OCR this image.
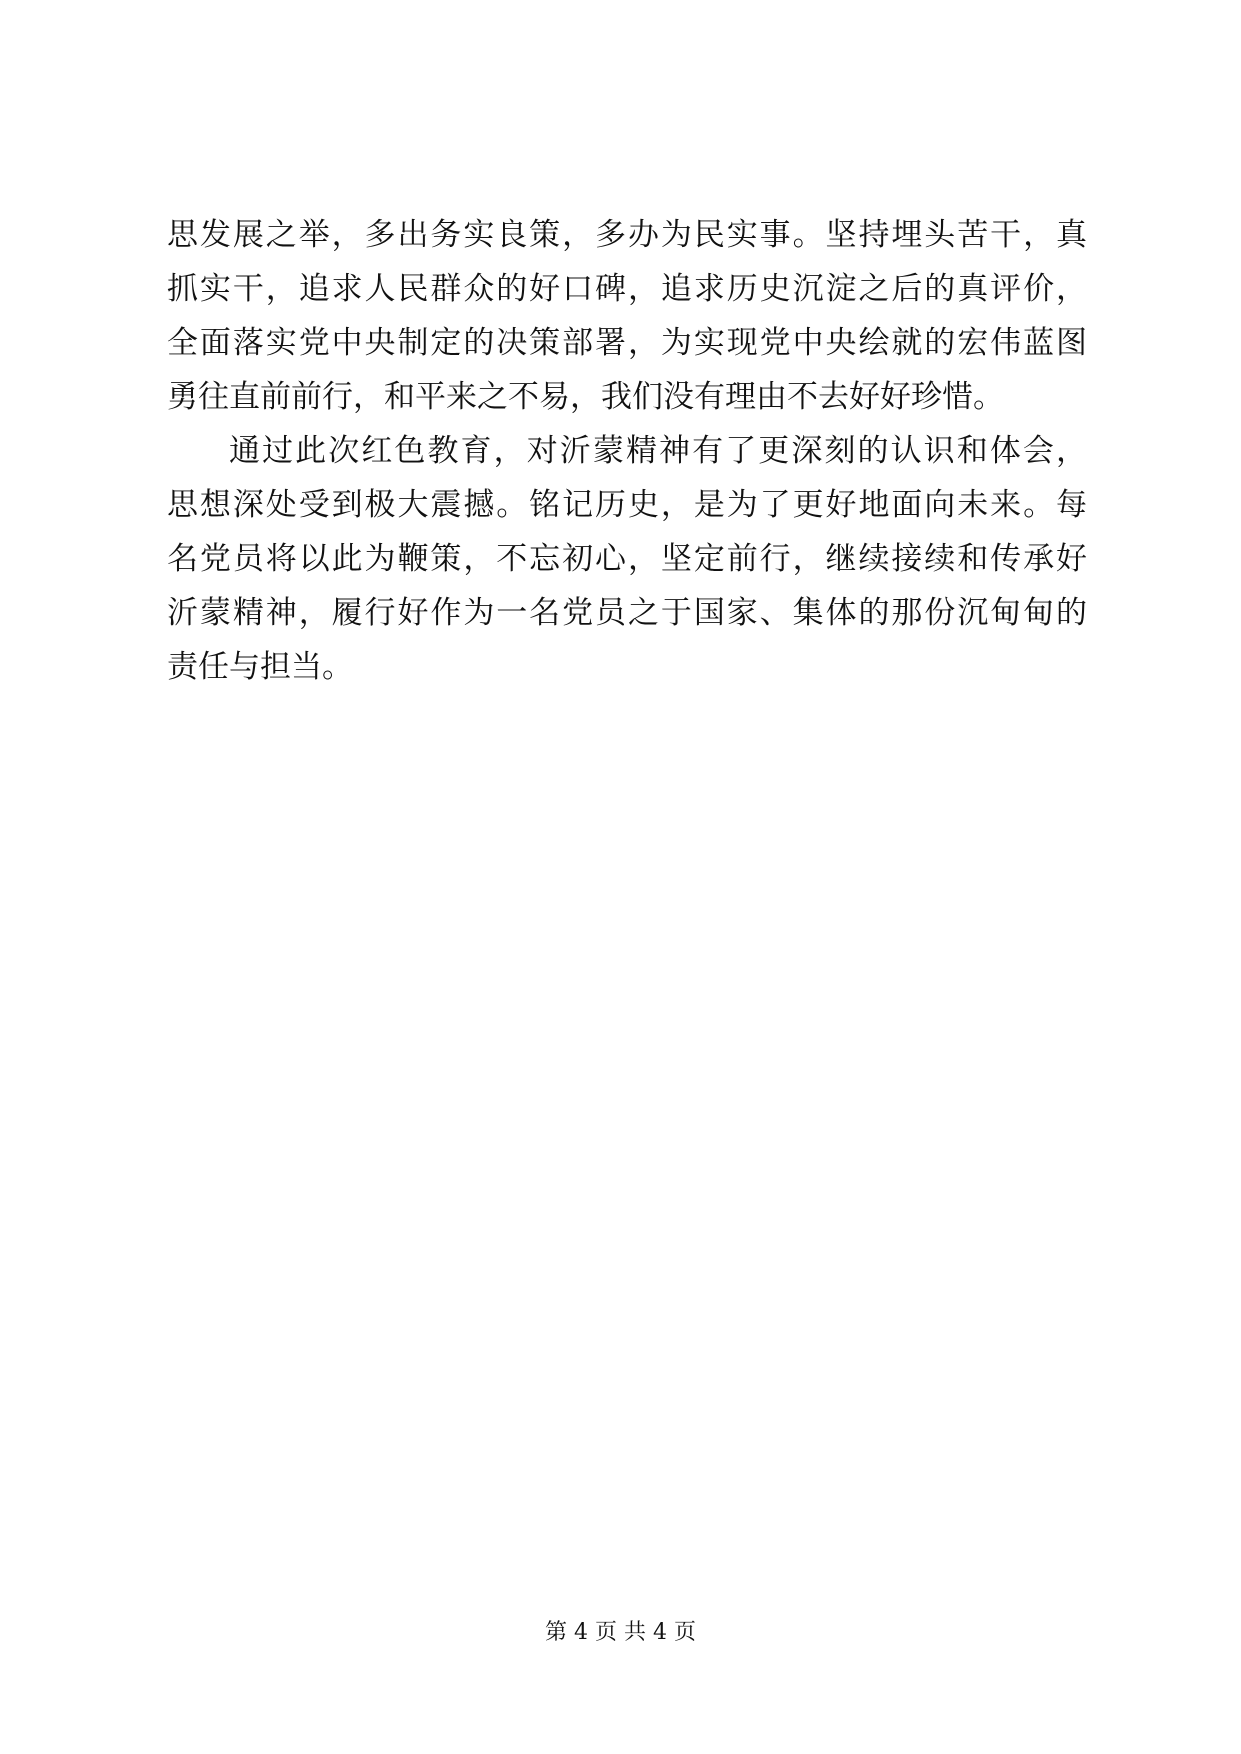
思发展之举，多出务实良策，多办为民实事。坚持埋头苦干，真
抓实干，追求人民群众的好口碑，追求历史沉淀之后的真评价，
全面落实党中央制定的决策部署，为实现党中央绘就的宏伟蓝图
勇往直前前行，和平来之不易，我们没有理由不去好好珍惜。
通过此次红色教育，对沂蒙精神有了更深刻的认识和体会，
思想深处受到极大震撼。铭记历史，是为了更好地面向未来。每
名党员将以此为鞭策，不忘初心，坚定前行，继续接续和传承好
沂蒙精神，履行好作为一名党员之于国家、集体的那份沉甸甸的
责任与担当。
第 4 页 共 4 页
